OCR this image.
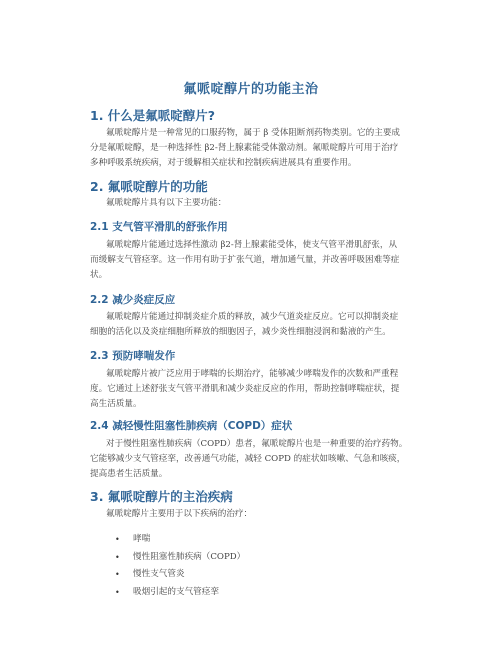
氟哌啶醇片的功能主治
1. 什么是氟哌啶醇片?
氟哌啶醇片是一种常见的口服药物，属于 β 受体阻断剂药物类别。它的主要成
分是氟哌啶醇，是一种选择性 β2-肾上腺素能受体激动剂。氟哌啶醇片可用于治疗
多种呼吸系统疾病，对于缓解相关症状和控制疾病进展具有重要作用。
2. 氟哌啶醇片的功能
氟哌啶醇片具有以下主要功能：
2.1 支气管平滑肌的舒张作用
氟哌啶醇片能通过选择性激动 β2-肾上腺素能受体，使支气管平滑肌舒张，从
而缓解支气管痉挛。这一作用有助于扩张气道，增加通气量，并改善呼吸困难等症
状。
2.2 减少炎症反应
氟哌啶醇片能通过抑制炎症介质的释放，减少气道炎症反应。它可以抑制炎症
细胞的活化以及炎症细胞所释放的细胞因子，减少炎性细胞浸润和黏液的产生。
2.3 预防哮喘发作
氟哌啶醇片被广泛应用于哮喘的长期治疗，能够减少哮喘发作的次数和严重程
度。它通过上述舒张支气管平滑肌和减少炎症反应的作用，帮助控制哮喘症状，提
高生活质量。
2.4 减轻慢性阻塞性肺疾病（COPD）症状
对于慢性阻塞性肺疾病（COPD）患者，氟哌啶醇片也是一种重要的治疗药物。
它能够减少支气管痉挛，改善通气功能，减轻 COPD 的症状如咳嗽、气急和咳痰，
提高患者生活质量。
3. 氟哌啶醇片的主治疾病
氟哌啶醇片主要用于以下疾病的治疗：
• 哮喘
• 慢性阻塞性肺疾病（COPD）
• 慢性支气管炎
• 吸烟引起的支气管痉挛
